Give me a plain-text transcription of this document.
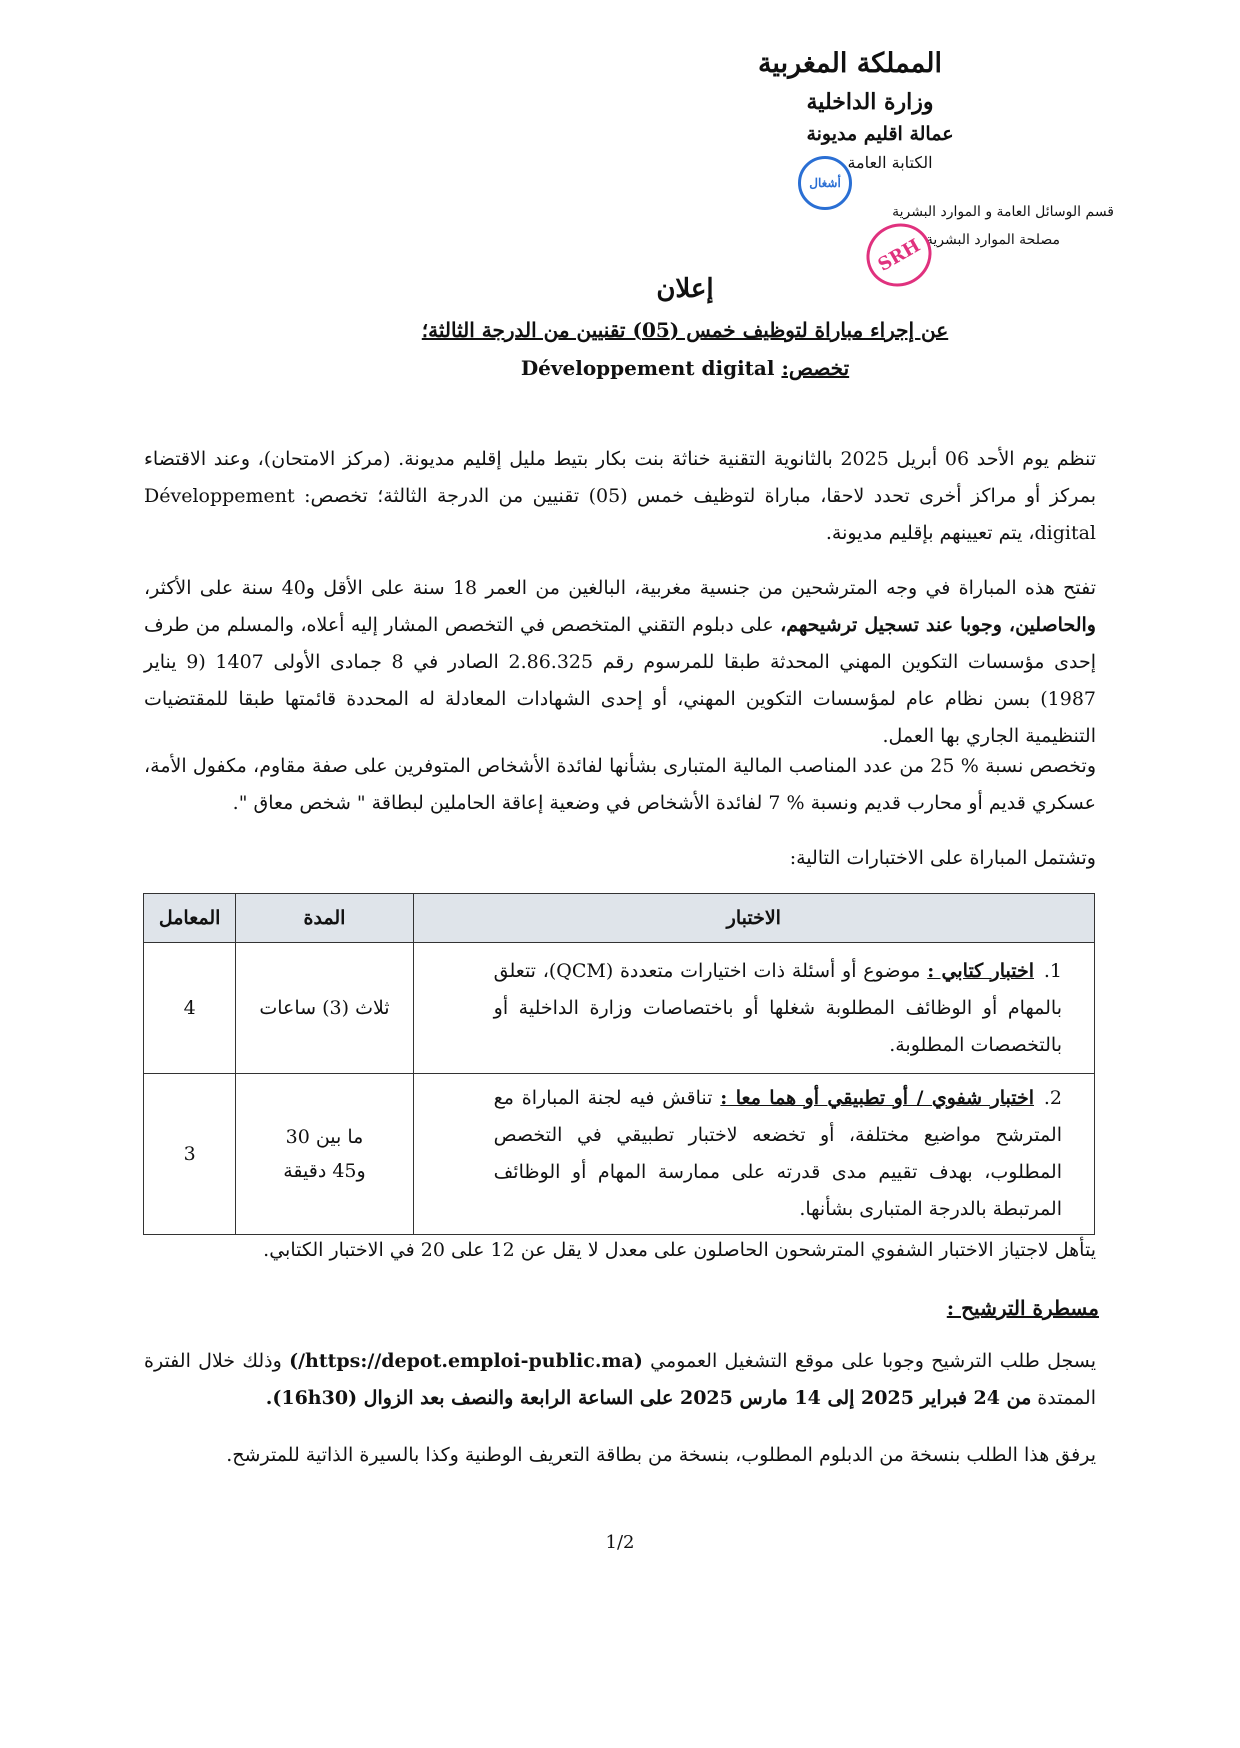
المملكة المغربية
وزارة الداخلية
عمالة اقليم مديونة
الكتابة العامة
قسم الوسائل العامة و الموارد البشرية
مصلحة الموارد البشرية
أشغال
SRH
إعلان
عن إجراء مباراة لتوظيف خمس (05) تقنيين من الدرجة الثالثة؛
تخصص: Développement digital
تنظم يوم الأحد 06 أبريل 2025 بالثانوية التقنية خناثة بنت بكار بتيط مليل إقليم مديونة. (مركز الامتحان)، وعند الاقتضاء بمركز أو مراكز أخرى تحدد لاحقا، مباراة لتوظيف خمس (05) تقنيين من الدرجة الثالثة؛ تخصص: Développement digital، يتم تعيينهم بإقليم مديونة.
تفتح هذه المباراة في وجه المترشحين من جنسية مغربية، البالغين من العمر 18 سنة على الأقل و40 سنة على الأكثر، والحاصلين، وجوبا عند تسجيل ترشيحهم، على دبلوم التقني المتخصص في التخصص المشار إليه أعلاه، والمسلم من طرف إحدى مؤسسات التكوين المهني المحدثة طبقا للمرسوم رقم 2.86.325 الصادر في 8 جمادى الأولى 1407 (9 يناير 1987) بسن نظام عام لمؤسسات التكوين المهني، أو إحدى الشهادات المعادلة له المحددة قائمتها طبقا للمقتضيات التنظيمية الجاري بها العمل.
وتخصص نسبة % 25 من عدد المناصب المالية المتبارى بشأنها لفائدة الأشخاص المتوفرين على صفة مقاوم، مكفول الأمة، عسكري قديم أو محارب قديم ونسبة % 7 لفائدة الأشخاص في وضعية إعاقة الحاملين لبطاقة " شخص معاق ".
وتشتمل المباراة على الاختبارات التالية:
الاختبار	المدة	المعامل
1.اختبار كتابي : موضوع أو أسئلة ذات اختيارات متعددة (QCM)، تتعلق بالمهام أو الوظائف المطلوبة شغلها أو باختصاصات وزارة الداخلية أو بالتخصصات المطلوبة.	ثلاث (3) ساعات	4
2.اختبار شفوي / أو تطبيقي أو هما معا : تناقش فيه لجنة المباراة مع المترشح مواضيع مختلفة، أو تخضعه لاختبار تطبيقي في التخصص المطلوب، بهدف تقييم مدى قدرته على ممارسة المهام أو الوظائف المرتبطة بالدرجة المتبارى بشأنها.	ما بين 30 و45 دقيقة	3
يتأهل لاجتياز الاختبار الشفوي المترشحون الحاصلون على معدل لا يقل عن 12 على 20 في الاختبار الكتابي.
مسطرة الترشيح :
يسجل طلب الترشيح وجوبا على موقع التشغيل العمومي (https://depot.emploi-public.ma/) وذلك خلال الفترة الممتدة من 24 فبراير 2025 إلى 14 مارس 2025 على الساعة الرابعة والنصف بعد الزوال (16h30).
يرفق هذا الطلب بنسخة من الدبلوم المطلوب، بنسخة من بطاقة التعريف الوطنية وكذا بالسيرة الذاتية للمترشح.
1/2
